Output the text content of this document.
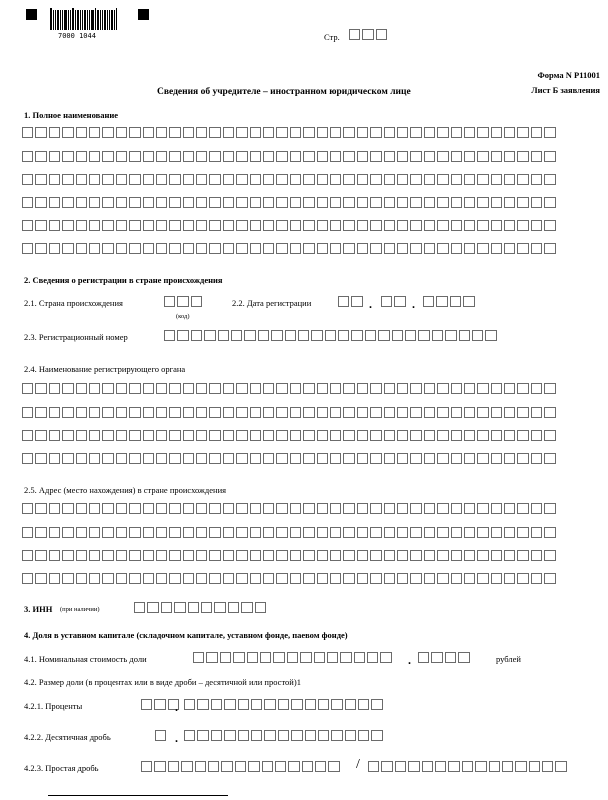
7000 1044	Стр.
Форма N P11001
Лист Б заявления
Сведения об учредителе – иностранном юридическом лице
1. Полное наименование
2. Сведения о регистрации в стране происхождения
2.1. Страна происхождения
(код)
2.2. Дата регистрации	.	.
2.3. Регистрационный номер
2.4. Наименование регистрирующего органа
2.5. Адрес (место нахождения) в стране происхождения
3. ИНН (при наличии)
4. Доля в уставном капитале (складочном капитале, уставном фонде, паевом фонде)
4.1. Номинальная стоимость доли	.	рублей
4.2. Размер доли (в процентах или в виде дроби – десятичной или простой)1
4.2.1. Проценты	.
4.2.2. Десятичная дробь	.
4.2.3. Простая дробь	/
